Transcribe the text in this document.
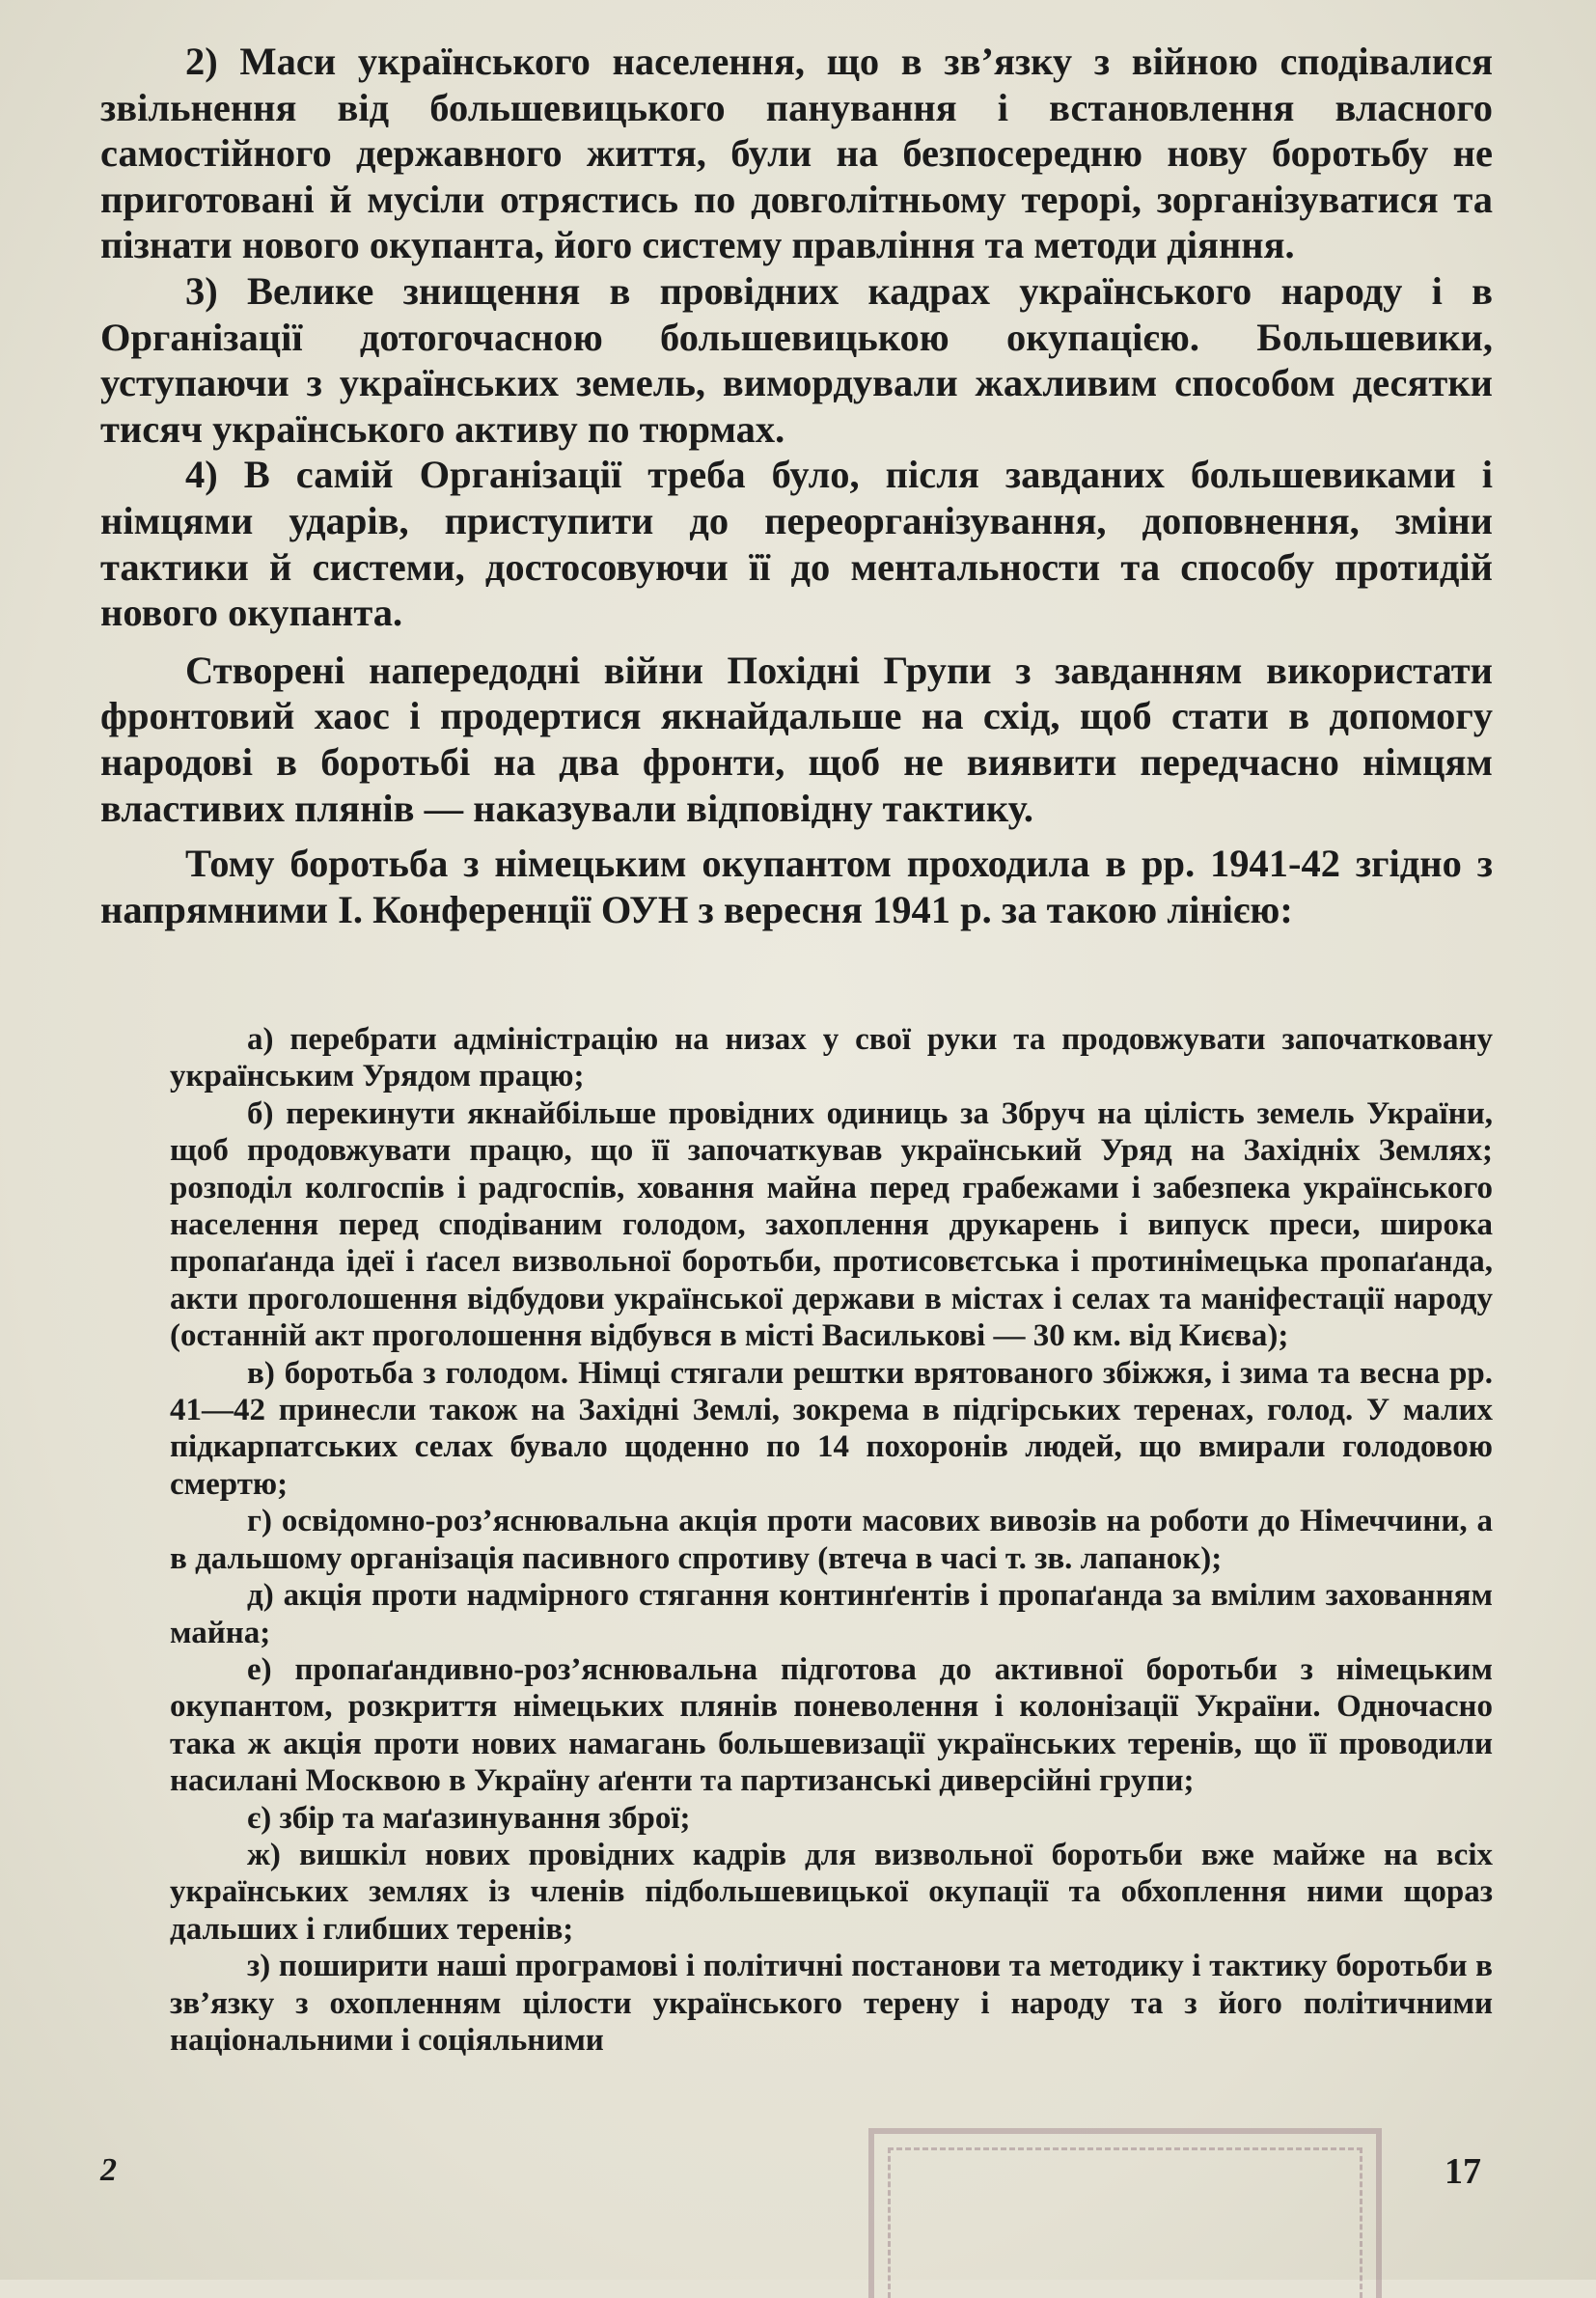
2) Маси українського населення, що в зв’язку з війною сподівалися звільнення від большевицького панування і встановлення власного самостійного державного життя, були на безпосередню нову боротьбу не приготовані й мусіли отрястись по довголітньому терорі, зорганізуватися та пізнати нового окупанта, його систему правління та методи діяння.

3) Велике знищення в провідних кадрах українського народу і в Організації дотогочасною большевицькою окупацією. Большевики, уступаючи з українських земель, вимордували жахливим способом десятки тисяч українського активу по тюрмах.

4) В самій Організації треба було, після завданих большевиками і німцями ударів, приступити до переорганізування, доповнення, зміни тактики й системи, достосовуючи її до ментальности та способу протидій нового окупанта.

Створені напередодні війни Похідні Групи з завданням використати фронтовий хаос і продертися якнайдальше на схід, щоб стати в допомогу народові в боротьбі на два фронти, щоб не виявити передчасно німцям властивих плянів — наказували відповідну тактику.

Тому боротьба з німецьким окупантом проходила в рр. 1941-42 згідно з напрямними І. Конференції ОУН з вересня 1941 р. за такою лінією:

а) перебрати адміністрацію на низах у свої руки та продовжувати започатковану українським Урядом працю;

б) перекинути якнайбільше провідних одиниць за Збруч на цілість земель України, щоб продовжувати працю, що її започаткував український Уряд на Західніх Землях; розподіл колгоспів і радгоспів, ховання майна перед грабежами і забезпека українського населення перед сподіваним голодом, захоплення друкарень і випуск преси, широка пропаґанда ідеї і ґасел визвольної боротьби, протисовєтська і протинімецька пропаґанда, акти проголошення відбудови української держави в містах і селах та маніфестації народу (останній акт проголошення відбувся в місті Василькові — 30 км. від Києва);

в) боротьба з голодом. Німці стягали рештки врятованого збіжжя, і зима та весна рр. 41—42 принесли також на Західні Землі, зокрема в підгірських теренах, голод. У малих підкарпатських селах бувало щоденно по 14 похоронів людей, що вмирали голодовою смертю;

г) освідомно-роз’яснювальна акція проти масових вивозів на роботи до Німеччини, а в дальшому організація пасивного спротиву (втеча в часі т. зв. лапанок);

д) акція проти надмірного стягання континґентів і пропаґанда за вмілим захованням майна;

е) пропаґандивно-роз’яснювальна підготова до активної боротьби з німецьким окупантом, розкриття німецьких плянів поневолення і колонізації України. Одночасно така ж акція проти нових намагань большевизації українських теренів, що її проводили насилані Москвою в Україну аґенти та партизанські диверсійні групи;

є) збір та маґазинування зброї;

ж) вишкіл нових провідних кадрів для визвольної боротьби вже майже на всіх українських землях із членів підбольшевицької окупації та обхоплення ними щораз дальших і глибших теренів;

з) поширити наші програмові і політичні постанови та методику і тактику боротьби в зв’язку з охопленням цілости українського терену і народу та з його політичними національними і соціяльними

2	17
